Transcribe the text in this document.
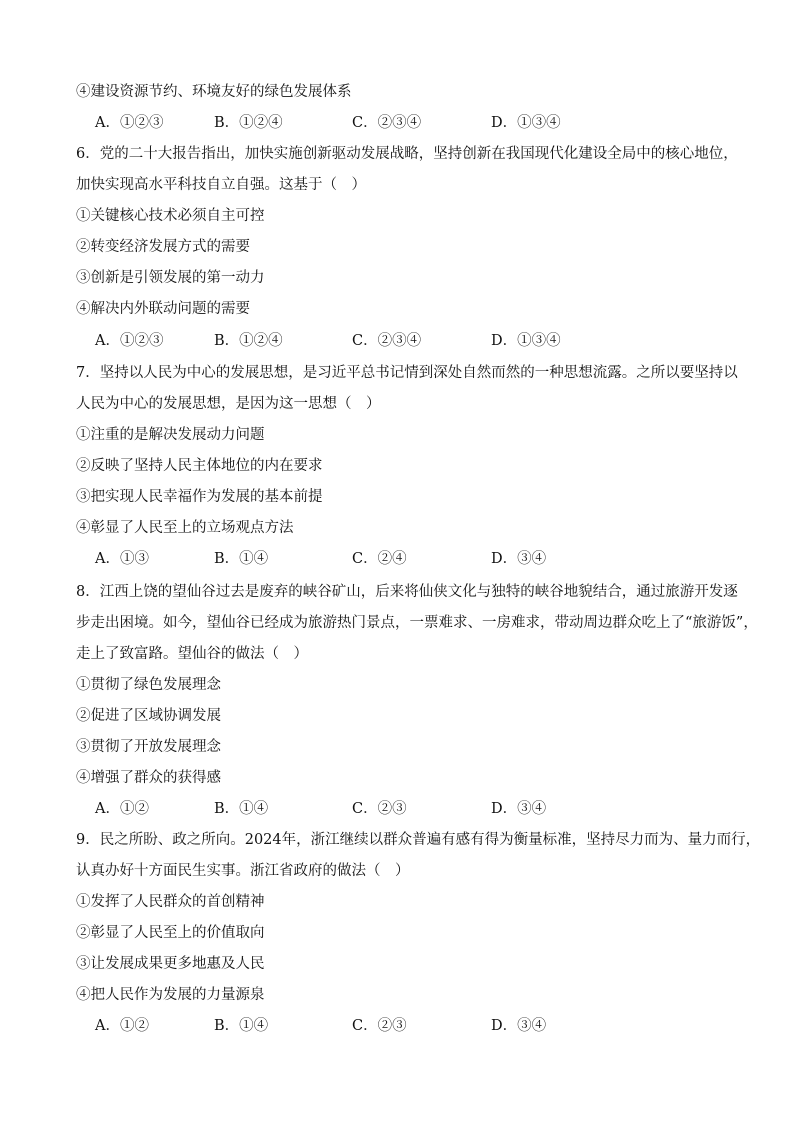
④建设资源节约、环境友好的绿色发展体系
A．①②③	B．①②④	C．②③④	D．①③④
6．党的二十大报告指出，加快实施创新驱动发展战略，坚持创新在我国现代化建设全局中的核心地位，
加快实现高水平科技自立自强。这基于（　）
①关键核心技术必须自主可控
②转变经济发展方式的需要
③创新是引领发展的第一动力
④解决内外联动问题的需要
A．①②③	B．①②④	C．②③④	D．①③④
7．坚持以人民为中心的发展思想，是习近平总书记情到深处自然而然的一种思想流露。之所以要坚持以
人民为中心的发展思想，是因为这一思想（　）
①注重的是解决发展动力问题
②反映了坚持人民主体地位的内在要求
③把实现人民幸福作为发展的基本前提
④彰显了人民至上的立场观点方法
A．①③	B．①④	C．②④	D．③④
8．江西上饶的望仙谷过去是废弃的峡谷矿山，后来将仙侠文化与独特的峡谷地貌结合，通过旅游开发逐
步走出困境。如今，望仙谷已经成为旅游热门景点，一票难求、一房难求，带动周边群众吃上了“旅游饭”，
走上了致富路。望仙谷的做法（　）
①贯彻了绿色发展理念
②促进了区域协调发展
③贯彻了开放发展理念
④增强了群众的获得感
A．①②	B．①④	C．②③	D．③④
9．民之所盼、政之所向。2024年，浙江继续以群众普遍有感有得为衡量标准，坚持尽力而为、量力而行，
认真办好十方面民生实事。浙江省政府的做法（　）
①发挥了人民群众的首创精神
②彰显了人民至上的价值取向
③让发展成果更多地惠及人民
④把人民作为发展的力量源泉
A．①②	B．①④	C．②③	D．③④
